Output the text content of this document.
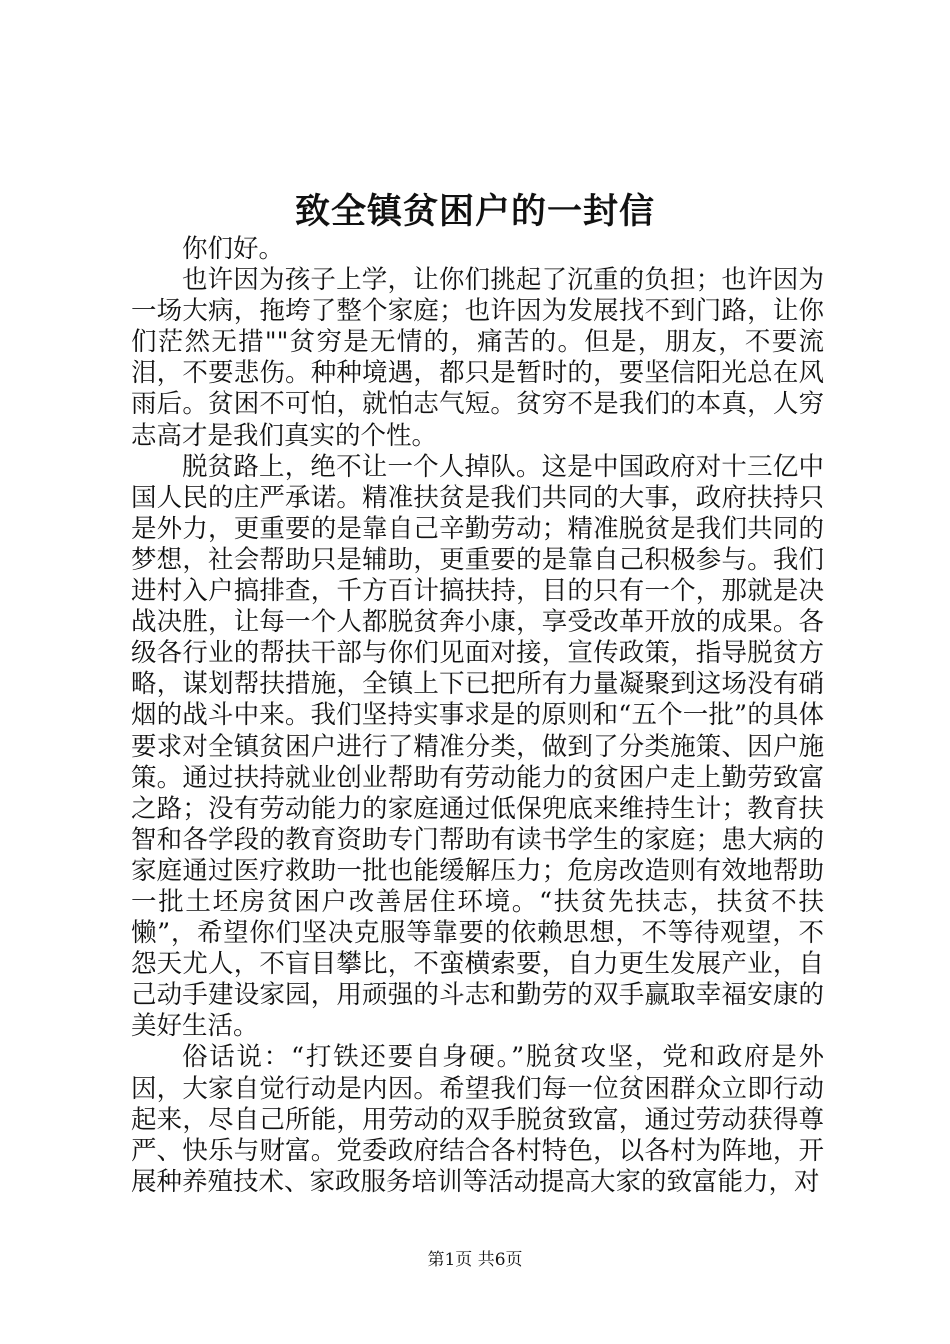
致全镇贫困户的一封信

你们好。

也许因为孩子上学，让你们挑起了沉重的负担；也许因为一场大病，拖垮了整个家庭；也许因为发展找不到门路，让你们茫然无措""贫穷是无情的，痛苦的。但是，朋友，不要流泪，不要悲伤。种种境遇，都只是暂时的，要坚信阳光总在风雨后。贫困不可怕，就怕志气短。贫穷不是我们的本真，人穷志高才是我们真实的个性。

脱贫路上，绝不让一个人掉队。这是中国政府对十三亿中国人民的庄严承诺。精准扶贫是我们共同的大事，政府扶持只是外力，更重要的是靠自己辛勤劳动；精准脱贫是我们共同的梦想，社会帮助只是辅助，更重要的是靠自己积极参与。我们进村入户搞排查，千方百计搞扶持，目的只有一个，那就是决战决胜，让每一个人都脱贫奔小康，享受改革开放的成果。各级各行业的帮扶干部与你们见面对接，宣传政策，指导脱贫方略，谋划帮扶措施，全镇上下已把所有力量凝聚到这场没有硝烟的战斗中来。我们坚持实事求是的原则和“五个一批”的具体要求对全镇贫困户进行了精准分类，做到了分类施策、因户施策。通过扶持就业创业帮助有劳动能力的贫困户走上勤劳致富之路；没有劳动能力的家庭通过低保兜底来维持生计；教育扶智和各学段的教育资助专门帮助有读书学生的家庭；患大病的家庭通过医疗救助一批也能缓解压力；危房改造则有效地帮助一批土坯房贫困户改善居住环境。“扶贫先扶志，扶贫不扶懒”，希望你们坚决克服等靠要的依赖思想，不等待观望，不怨天尤人，不盲目攀比，不蛮横索要，自力更生发展产业，自己动手建设家园，用顽强的斗志和勤劳的双手赢取幸福安康的美好生活。

俗话说：“打铁还要自身硬。”脱贫攻坚，党和政府是外因，大家自觉行动是内因。希望我们每一位贫困群众立即行动起来，尽自己所能，用劳动的双手脱贫致富，通过劳动获得尊严、快乐与财富。党委政府结合各村特色，以各村为阵地，开展种养殖技术、家政服务培训等活动提高大家的致富能力，对

第1页 共6页
